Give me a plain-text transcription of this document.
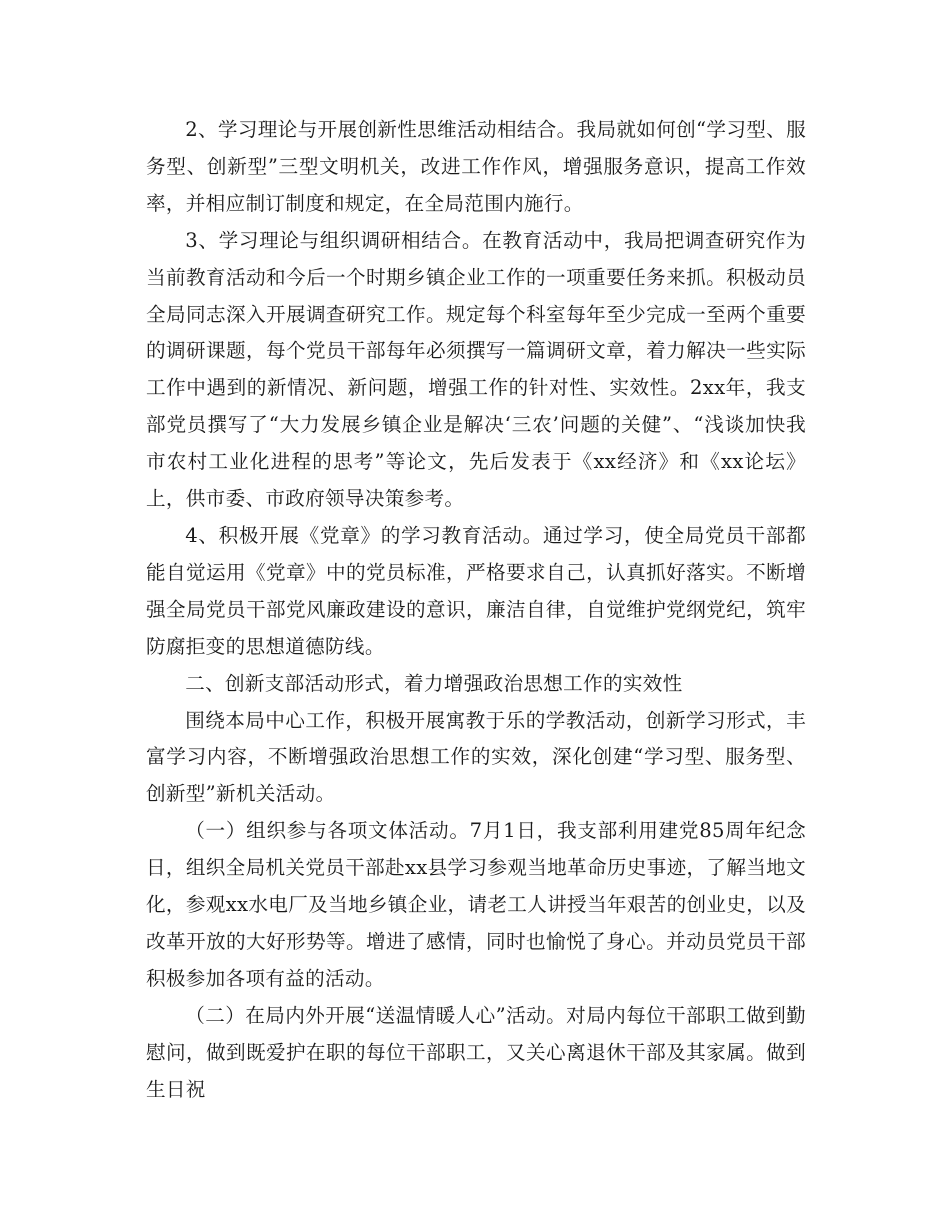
2、学习理论与开展创新性思维活动相结合。我局就如何创“学习型、服务型、创新型”三型文明机关，改进工作作风，增强服务意识，提高工作效率，并相应制订制度和规定，在全局范围内施行。

3、学习理论与组织调研相结合。在教育活动中，我局把调查研究作为当前教育活动和今后一个时期乡镇企业工作的一项重要任务来抓。积极动员全局同志深入开展调查研究工作。规定每个科室每年至少完成一至两个重要的调研课题，每个党员干部每年必须撰写一篇调研文章，着力解决一些实际工作中遇到的新情况、新问题，增强工作的针对性、实效性。2xx年，我支部党员撰写了“大力发展乡镇企业是解决‘三农’问题的关健”、“浅谈加快我市农村工业化进程的思考”等论文，先后发表于《xx经济》和《xx论坛》上，供市委、市政府领导决策参考。

4、积极开展《党章》的学习教育活动。通过学习，使全局党员干部都能自觉运用《党章》中的党员标准，严格要求自己，认真抓好落实。不断增强全局党员干部党风廉政建设的意识，廉洁自律，自觉维护党纲党纪，筑牢防腐拒变的思想道德防线。

二、创新支部活动形式，着力增强政治思想工作的实效性

围绕本局中心工作，积极开展寓教于乐的学教活动，创新学习形式，丰富学习内容，不断增强政治思想工作的实效，深化创建“学习型、服务型、创新型”新机关活动。

（一）组织参与各项文体活动。7月1日，我支部利用建党85周年纪念日，组织全局机关党员干部赴xx县学习参观当地革命历史事迹，了解当地文化，参观xx水电厂及当地乡镇企业，请老工人讲授当年艰苦的创业史，以及改革开放的大好形势等。增进了感情，同时也愉悦了身心。并动员党员干部积极参加各项有益的活动。

（二）在局内外开展“送温情暖人心”活动。对局内每位干部职工做到勤慰问，做到既爱护在职的每位干部职工，又关心离退休干部及其家属。做到生日祝
